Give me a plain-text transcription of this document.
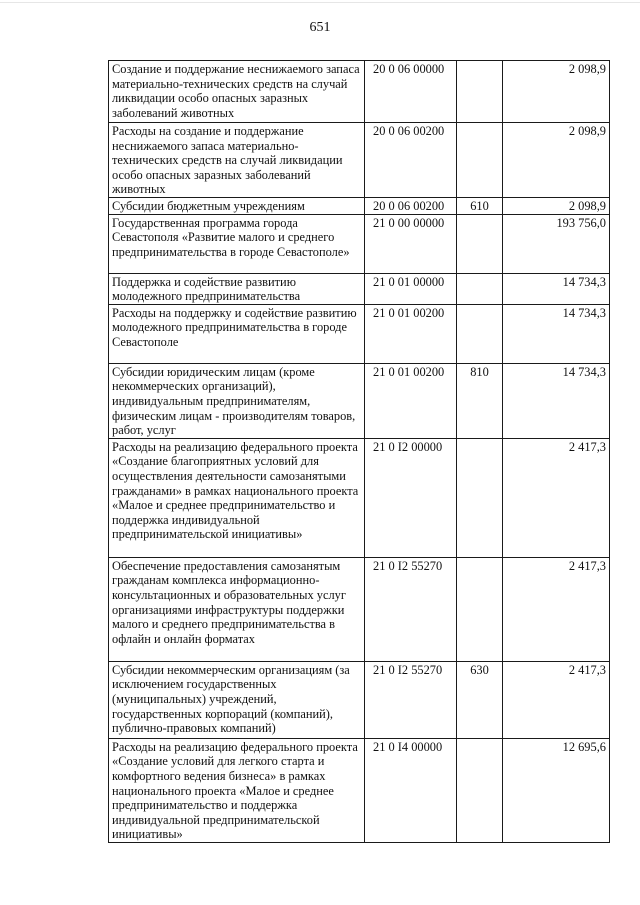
651
Создание и поддержание неснижаемого запаса материально-технических средств на случай ликвидации особо опасных заразных заболеваний животных	20 0 06 00000		2 098,9
Расходы на создание и поддержание неснижаемого запаса материально-технических средств на случай ликвидации особо опасных заразных заболеваний животных	20 0 06 00200		2 098,9
Субсидии бюджетным учреждениям	20 0 06 00200	610	2 098,9
Государственная программа города Севастополя «Развитие малого и среднего предпринимательства в городе Севастополе»	21 0 00 00000		193 756,0
Поддержка и содействие развитию молодежного предпринимательства	21 0 01 00000		14 734,3
Расходы на поддержку и содействие развитию молодежного предпринимательства в городе Севастополе	21 0 01 00200		14 734,3
Субсидии юридическим лицам (кроме некоммерческих организаций), индивидуальным предпринимателям, физическим лицам - производителям товаров, работ, услуг	21 0 01 00200	810	14 734,3
Расходы на реализацию федерального проекта «Создание благоприятных условий для осуществления деятельности самозанятыми гражданами» в рамках национального проекта «Малое и среднее предпринимательство и поддержка индивидуальной предпринимательской инициативы»	21 0 I2 00000		2 417,3
Обеспечение предоставления самозанятым гражданам комплекса информационно-консультационных и образовательных услуг организациями инфраструктуры поддержки малого и среднего предпринимательства в офлайн и онлайн форматах	21 0 I2 55270		2 417,3
Субсидии некоммерческим организациям (за исключением государственных (муниципальных) учреждений, государственных корпораций (компаний), публично-правовых компаний)	21 0 I2 55270	630	2 417,3
Расходы на реализацию федерального проекта «Создание условий для легкого старта и комфортного ведения бизнеса» в рамках национального проекта «Малое и среднее предпринимательство и поддержка индивидуальной предпринимательской инициативы»	21 0 I4 00000		12 695,6
